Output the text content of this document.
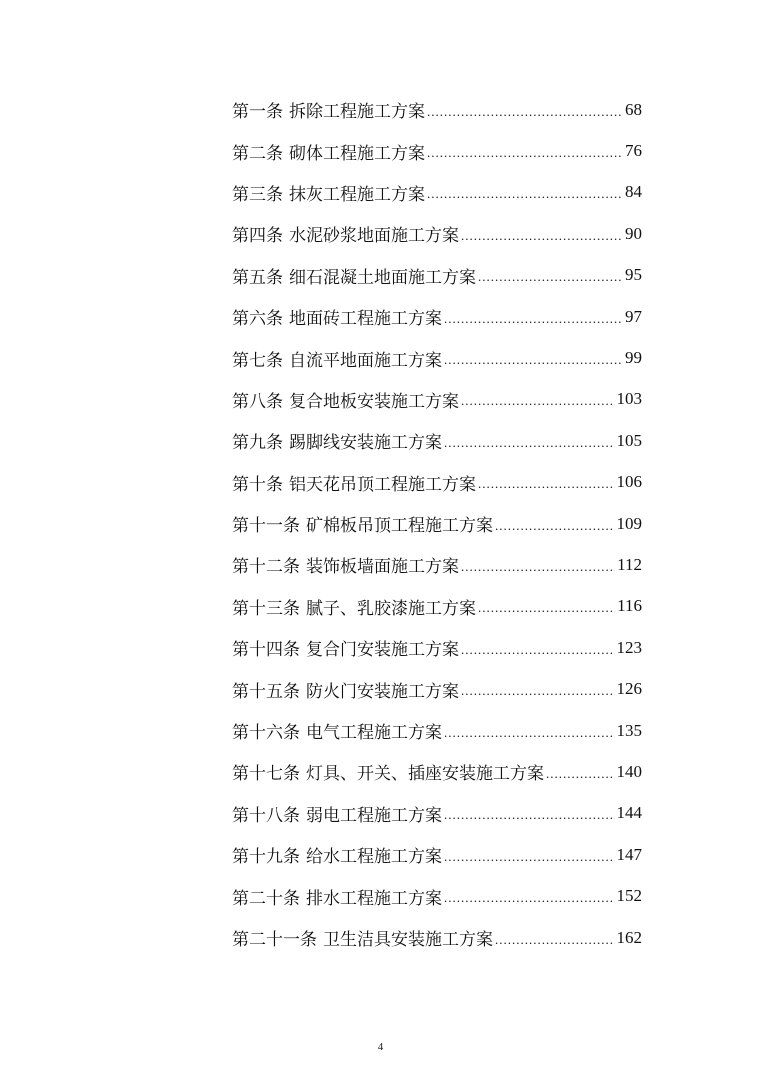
第一条 拆除工程施工方案 .....	68
第二条 砌体工程施工方案 .....	76
第三条 抹灰工程施工方案 .....	84
第四条 水泥砂浆地面施工方案 .....	90
第五条 细石混凝土地面施工方案 .....	95
第六条 地面砖工程施工方案 .....	97
第七条 自流平地面施工方案 .....	99
第八条 复合地板安装施工方案 .....	103
第九条 踢脚线安装施工方案 .....	105
第十条 铝天花吊顶工程施工方案 .....	106
第十一条 矿棉板吊顶工程施工方案 .....	109
第十二条 装饰板墙面施工方案 .....	112
第十三条 腻子、乳胶漆施工方案 .....	116
第十四条 复合门安装施工方案 .....	123
第十五条 防火门安装施工方案 .....	126
第十六条 电气工程施工方案 .....	135
第十七条 灯具、开关、插座安装施工方案 .....	140
第十八条 弱电工程施工方案 .....	144
第十九条 给水工程施工方案 .....	147
第二十条 排水工程施工方案 .....	152
第二十一条 卫生洁具安装施工方案 .....	162
4
